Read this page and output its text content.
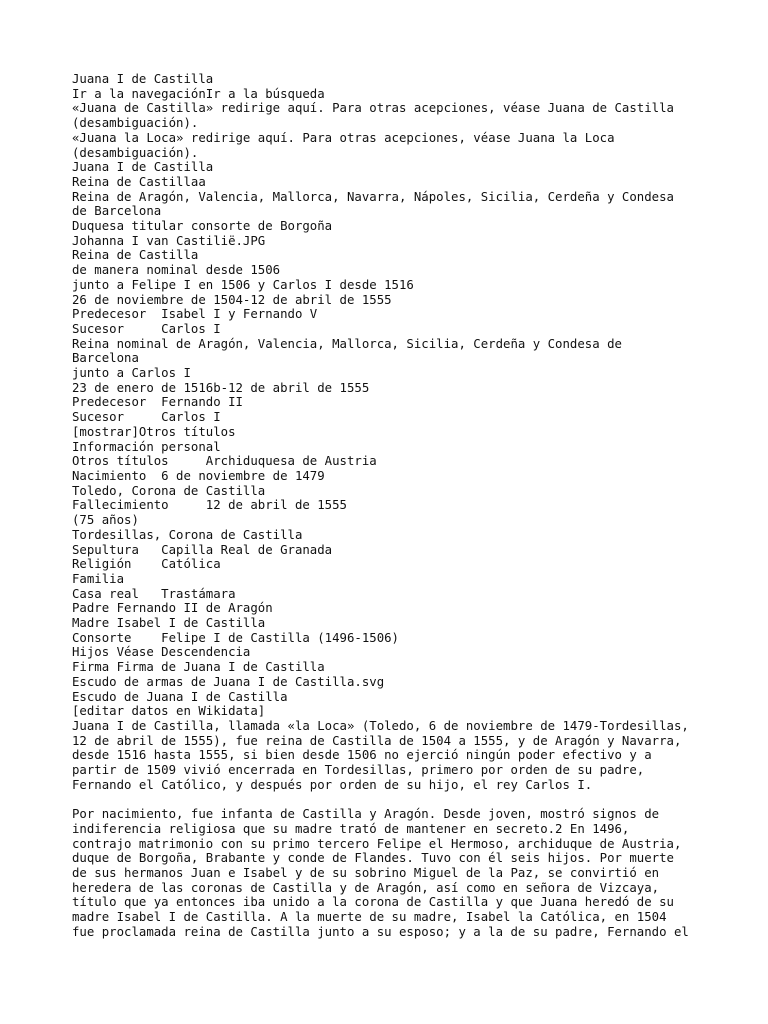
Juana I de Castilla
Ir a la navegaciónIr a la búsqueda
«Juana de Castilla» redirige aquí. Para otras acepciones, véase Juana de Castilla
(desambiguación).
«Juana la Loca» redirige aquí. Para otras acepciones, véase Juana la Loca
(desambiguación).
Juana I de Castilla
Reina de Castillaa
Reina de Aragón, Valencia, Mallorca, Navarra, Nápoles, Sicilia, Cerdeña y Condesa
de Barcelona
Duquesa titular consorte de Borgoña
Johanna I van Castilië.JPG
Reina de Castilla
de manera nominal desde 1506
junto a Felipe I en 1506 y Carlos I desde 1516
26 de noviembre de 1504-12 de abril de 1555
Predecesor  Isabel I y Fernando V
Sucesor     Carlos I
Reina nominal de Aragón, Valencia, Mallorca, Sicilia, Cerdeña y Condesa de
Barcelona
junto a Carlos I
23 de enero de 1516b-12 de abril de 1555
Predecesor  Fernando II
Sucesor     Carlos I
[mostrar]Otros títulos
Información personal
Otros títulos     Archiduquesa de Austria
Nacimiento  6 de noviembre de 1479
Toledo, Corona de Castilla
Fallecimiento     12 de abril de 1555
(75 años)
Tordesillas, Corona de Castilla
Sepultura   Capilla Real de Granada
Religión    Católica
Familia
Casa real   Trastámara
Padre Fernando II de Aragón
Madre Isabel I de Castilla
Consorte    Felipe I de Castilla (1496-1506)
Hijos Véase Descendencia
Firma Firma de Juana I de Castilla
Escudo de armas de Juana I de Castilla.svg
Escudo de Juana I de Castilla
[editar datos en Wikidata]
Juana I de Castilla, llamada «la Loca» (Toledo, 6 de noviembre de 1479-Tordesillas,
12 de abril de 1555), fue reina de Castilla de 1504 a 1555, y de Aragón y Navarra,
desde 1516 hasta 1555, si bien desde 1506 no ejerció ningún poder efectivo y a
partir de 1509 vivió encerrada en Tordesillas, primero por orden de su padre,
Fernando el Católico, y después por orden de su hijo, el rey Carlos I.
Por nacimiento, fue infanta de Castilla y Aragón. Desde joven, mostró signos de
indiferencia religiosa que su madre trató de mantener en secreto.2 En 1496,
contrajo matrimonio con su primo tercero Felipe el Hermoso, archiduque de Austria,
duque de Borgoña, Brabante y conde de Flandes. Tuvo con él seis hijos. Por muerte
de sus hermanos Juan e Isabel y de su sobrino Miguel de la Paz, se convirtió en
heredera de las coronas de Castilla y de Aragón, así como en señora de Vizcaya,
título que ya entonces iba unido a la corona de Castilla y que Juana heredó de su
madre Isabel I de Castilla. A la muerte de su madre, Isabel la Católica, en 1504
fue proclamada reina de Castilla junto a su esposo; y a la de su padre, Fernando el
